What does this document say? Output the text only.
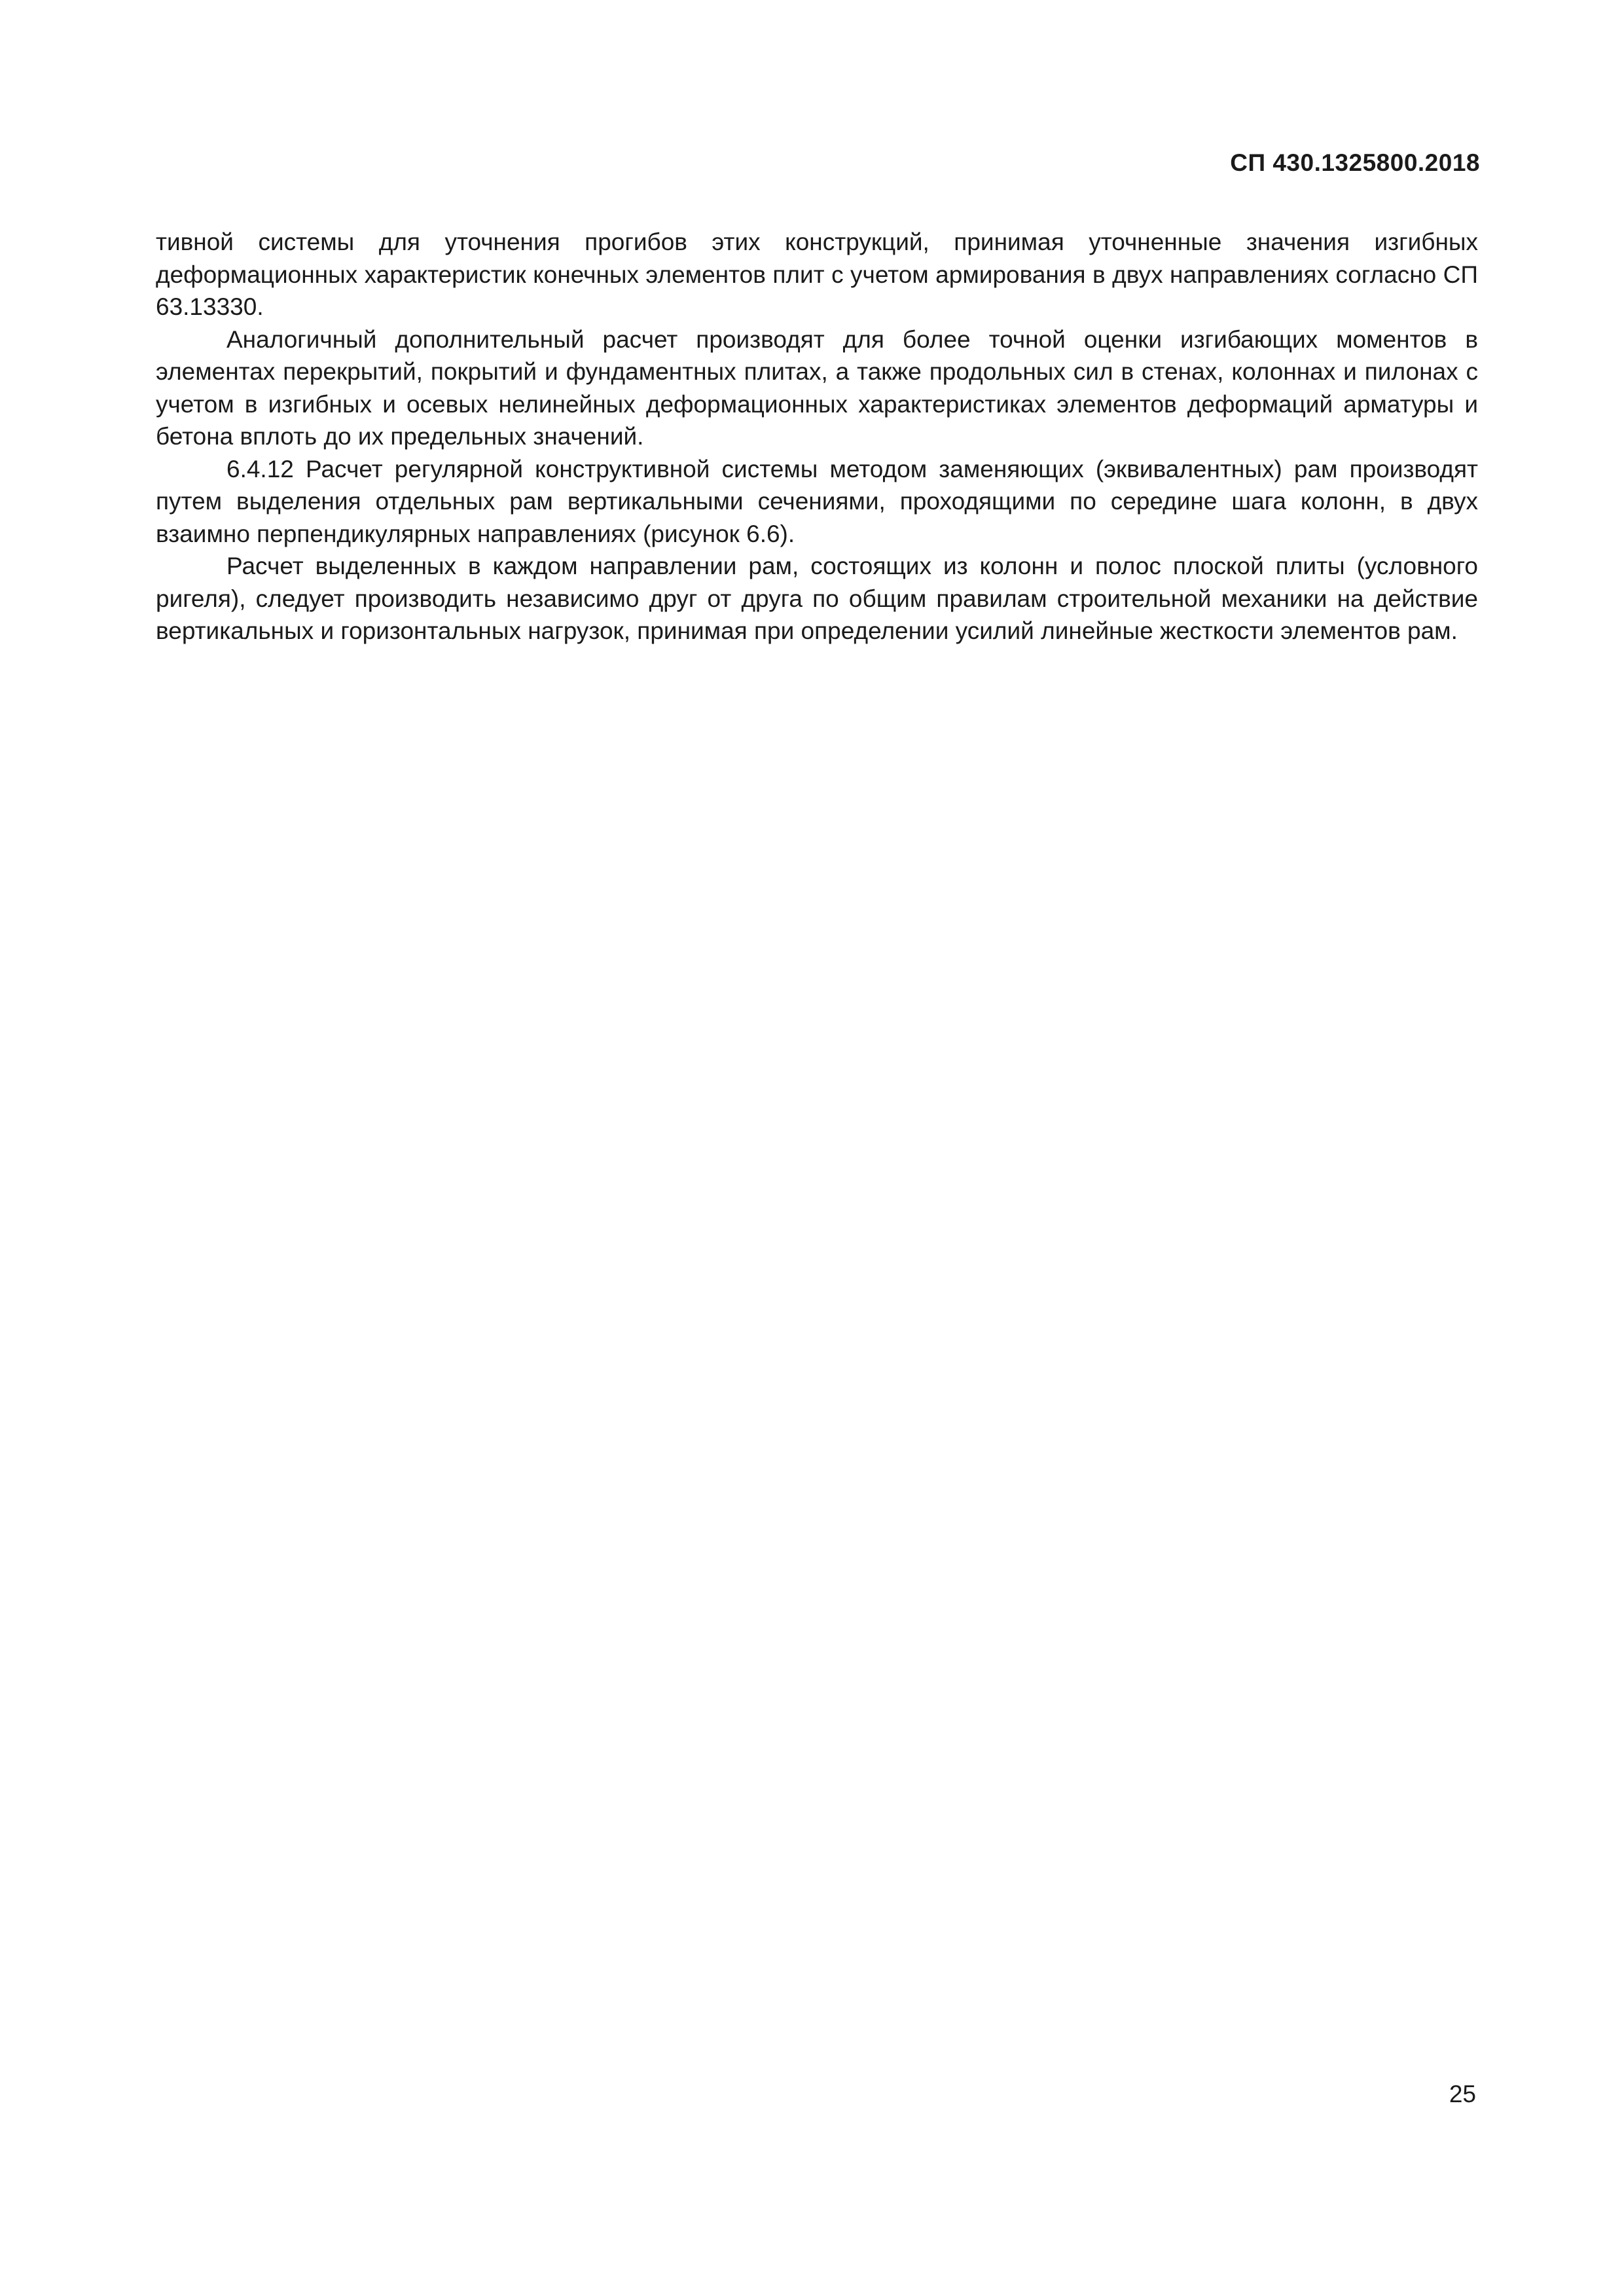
СП 430.1325800.2018

тивной системы для уточнения прогибов этих конструкций, принимая уточненные значения изгибных деформационных характеристик конечных элементов плит с учетом армирования в двух направлениях согласно СП 63.13330.

Аналогичный дополнительный расчет производят для более точной оценки изгибающих моментов в элементах перекрытий, покрытий и фундаментных плитах, а также продольных сил в стенах, колоннах и пилонах с учетом в изгибных и осевых нелинейных деформационных характеристиках элементов деформаций арматуры и бетона вплоть до их предельных значений.

6.4.12 Расчет регулярной конструктивной системы методом заменяющих (эквивалентных) рам производят путем выделения отдельных рам вертикальными сечениями, проходящими по середине шага колонн, в двух взаимно перпендикулярных направлениях (рисунок 6.6).

Расчет выделенных в каждом направлении рам, состоящих из колонн и полос плоской плиты (условного ригеля), следует производить независимо друг от друга по общим правилам строительной механики на действие вертикальных и горизонтальных нагрузок, принимая при определении усилий линейные жесткости элементов рам.

25
